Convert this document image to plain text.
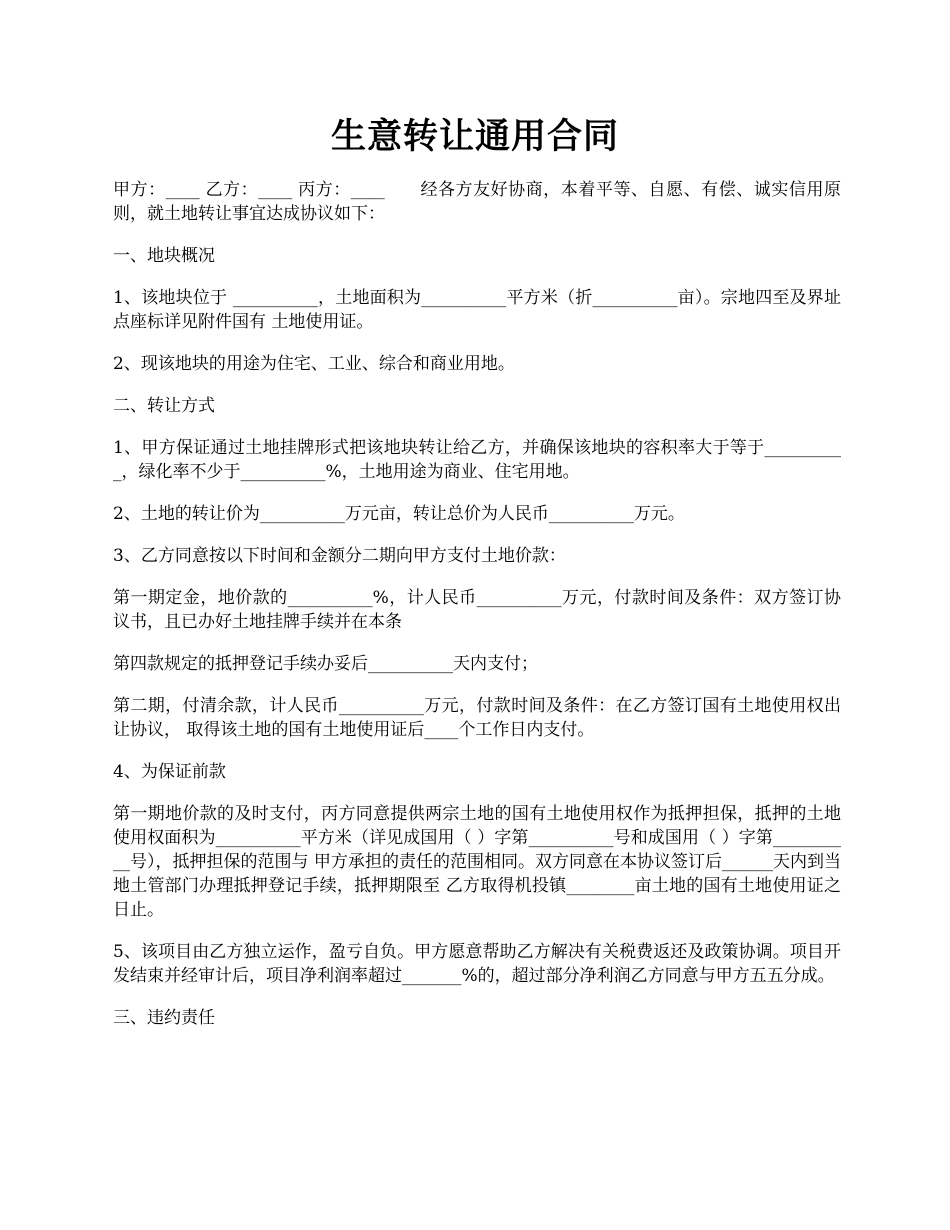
生意转让通用合同

甲方：____ 乙方：____ 丙方：____　　经各方友好协商，本着平等、自愿、有偿、诚实信用原则，就土地转让事宜达成协议如下：

一、地块概况

1、该地块位于 __________，土地面积为__________平方米（折__________亩）。宗地四至及界址点座标详见附件国有 土地使用证。

2、现该地块的用途为住宅、工业、综合和商业用地。

二、转让方式

1、甲方保证通过土地挂牌形式把该地块转让给乙方，并确保该地块的容积率大于等于__________，绿化率不少于__________%，土地用途为商业、住宅用地。

2、土地的转让价为__________万元亩，转让总价为人民币__________万元。

3、乙方同意按以下时间和金额分二期向甲方支付土地价款：

第一期定金，地价款的__________%，计人民币__________万元，付款时间及条件：双方签订协议书，且已办好土地挂牌手续并在本条

第四款规定的抵押登记手续办妥后__________天内支付；

第二期，付清余款，计人民币__________万元，付款时间及条件：在乙方签订国有土地使用权出让协议， 取得该土地的国有土地使用证后____个工作日内支付。

4、为保证前款

第一期地价款的及时支付，丙方同意提供两宗土地的国有土地使用权作为抵押担保，抵押的土地 使用权面积为__________平方米（详见成国用（ ）字第__________号和成国用（ ）字第__________号），抵押担保的范围与 甲方承担的责任的范围相同。双方同意在本协议签订后______天内到当地土管部门办理抵押登记手续，抵押期限至 乙方取得机投镇________亩土地的国有土地使用证之日止。

5、该项目由乙方独立运作，盈亏自负。甲方愿意帮助乙方解决有关税费返还及政策协调。项目开发结束并经审计后，项目净利润率超过_______%的，超过部分净利润乙方同意与甲方五五分成。

三、违约责任
